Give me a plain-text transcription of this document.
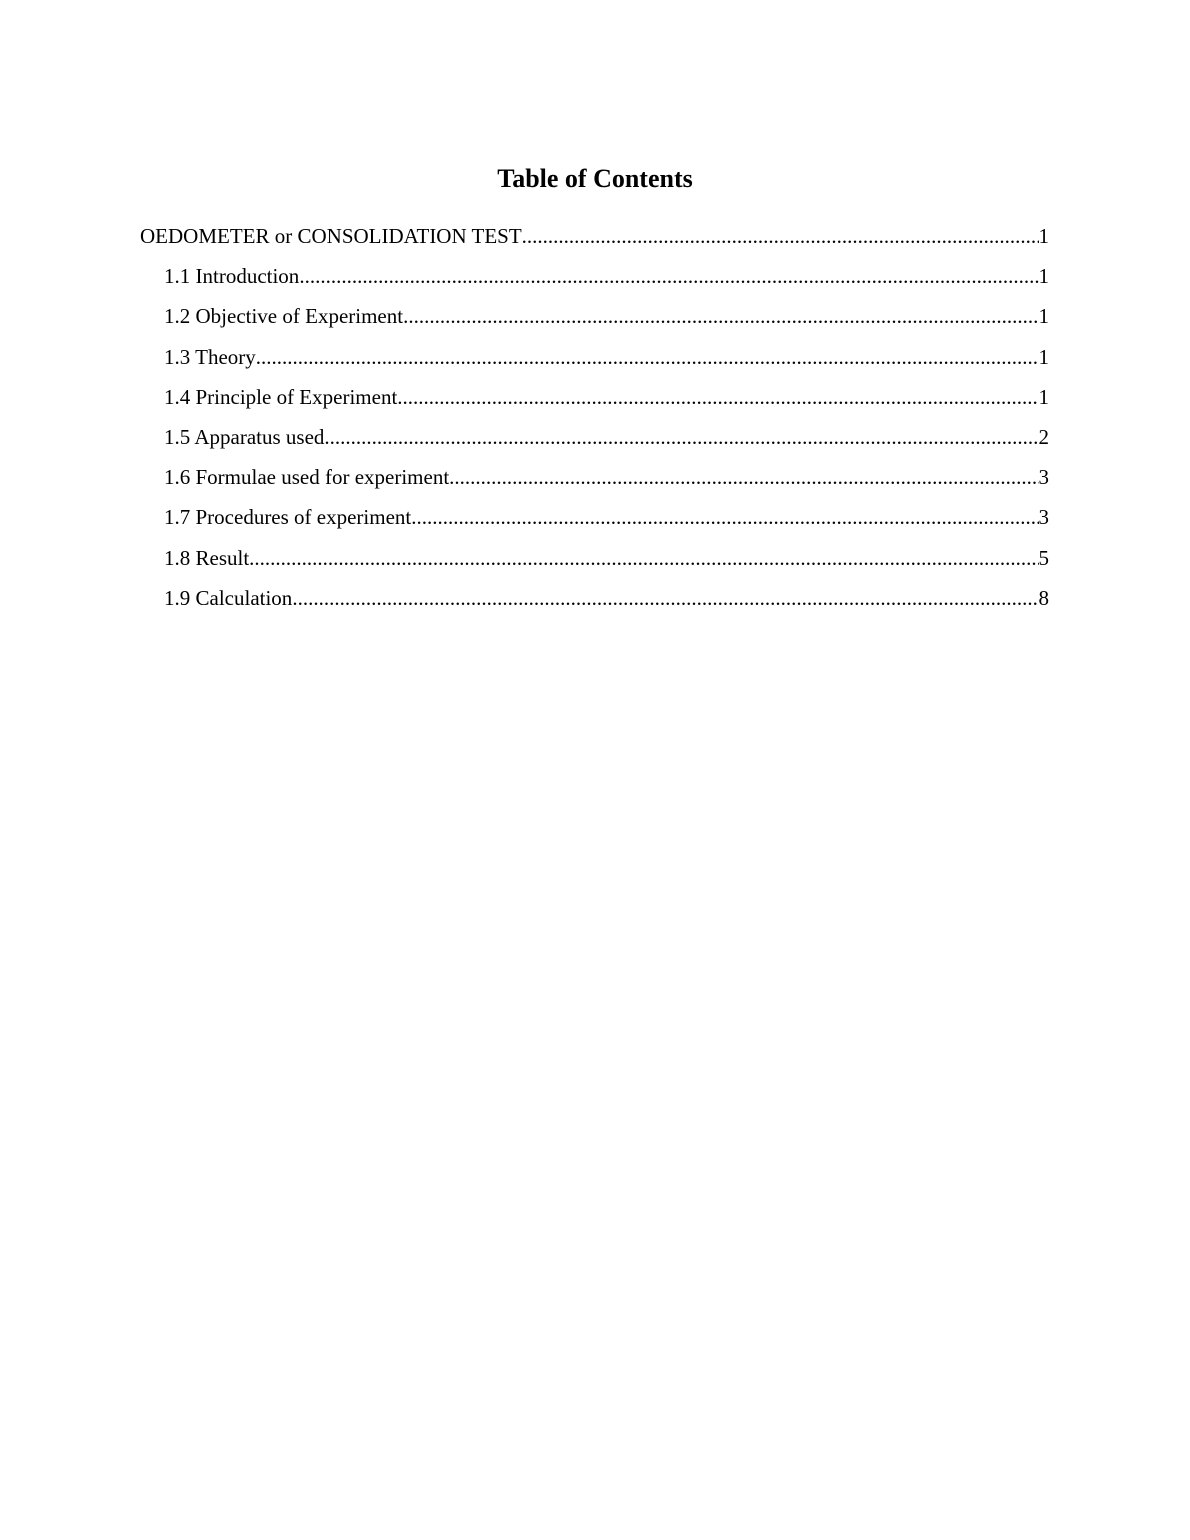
Table of Contents
OEDOMETER or CONSOLIDATION TEST .....	1
1.1 Introduction .....	1
1.2 Objective of Experiment .....	1
1.3 Theory .....	1
1.4 Principle of Experiment .....	1
1.5 Apparatus used .....	2
1.6 Formulae used for experiment .....	3
1.7 Procedures of experiment .....	3
1.8 Result .....	5
1.9 Calculation .....	8
